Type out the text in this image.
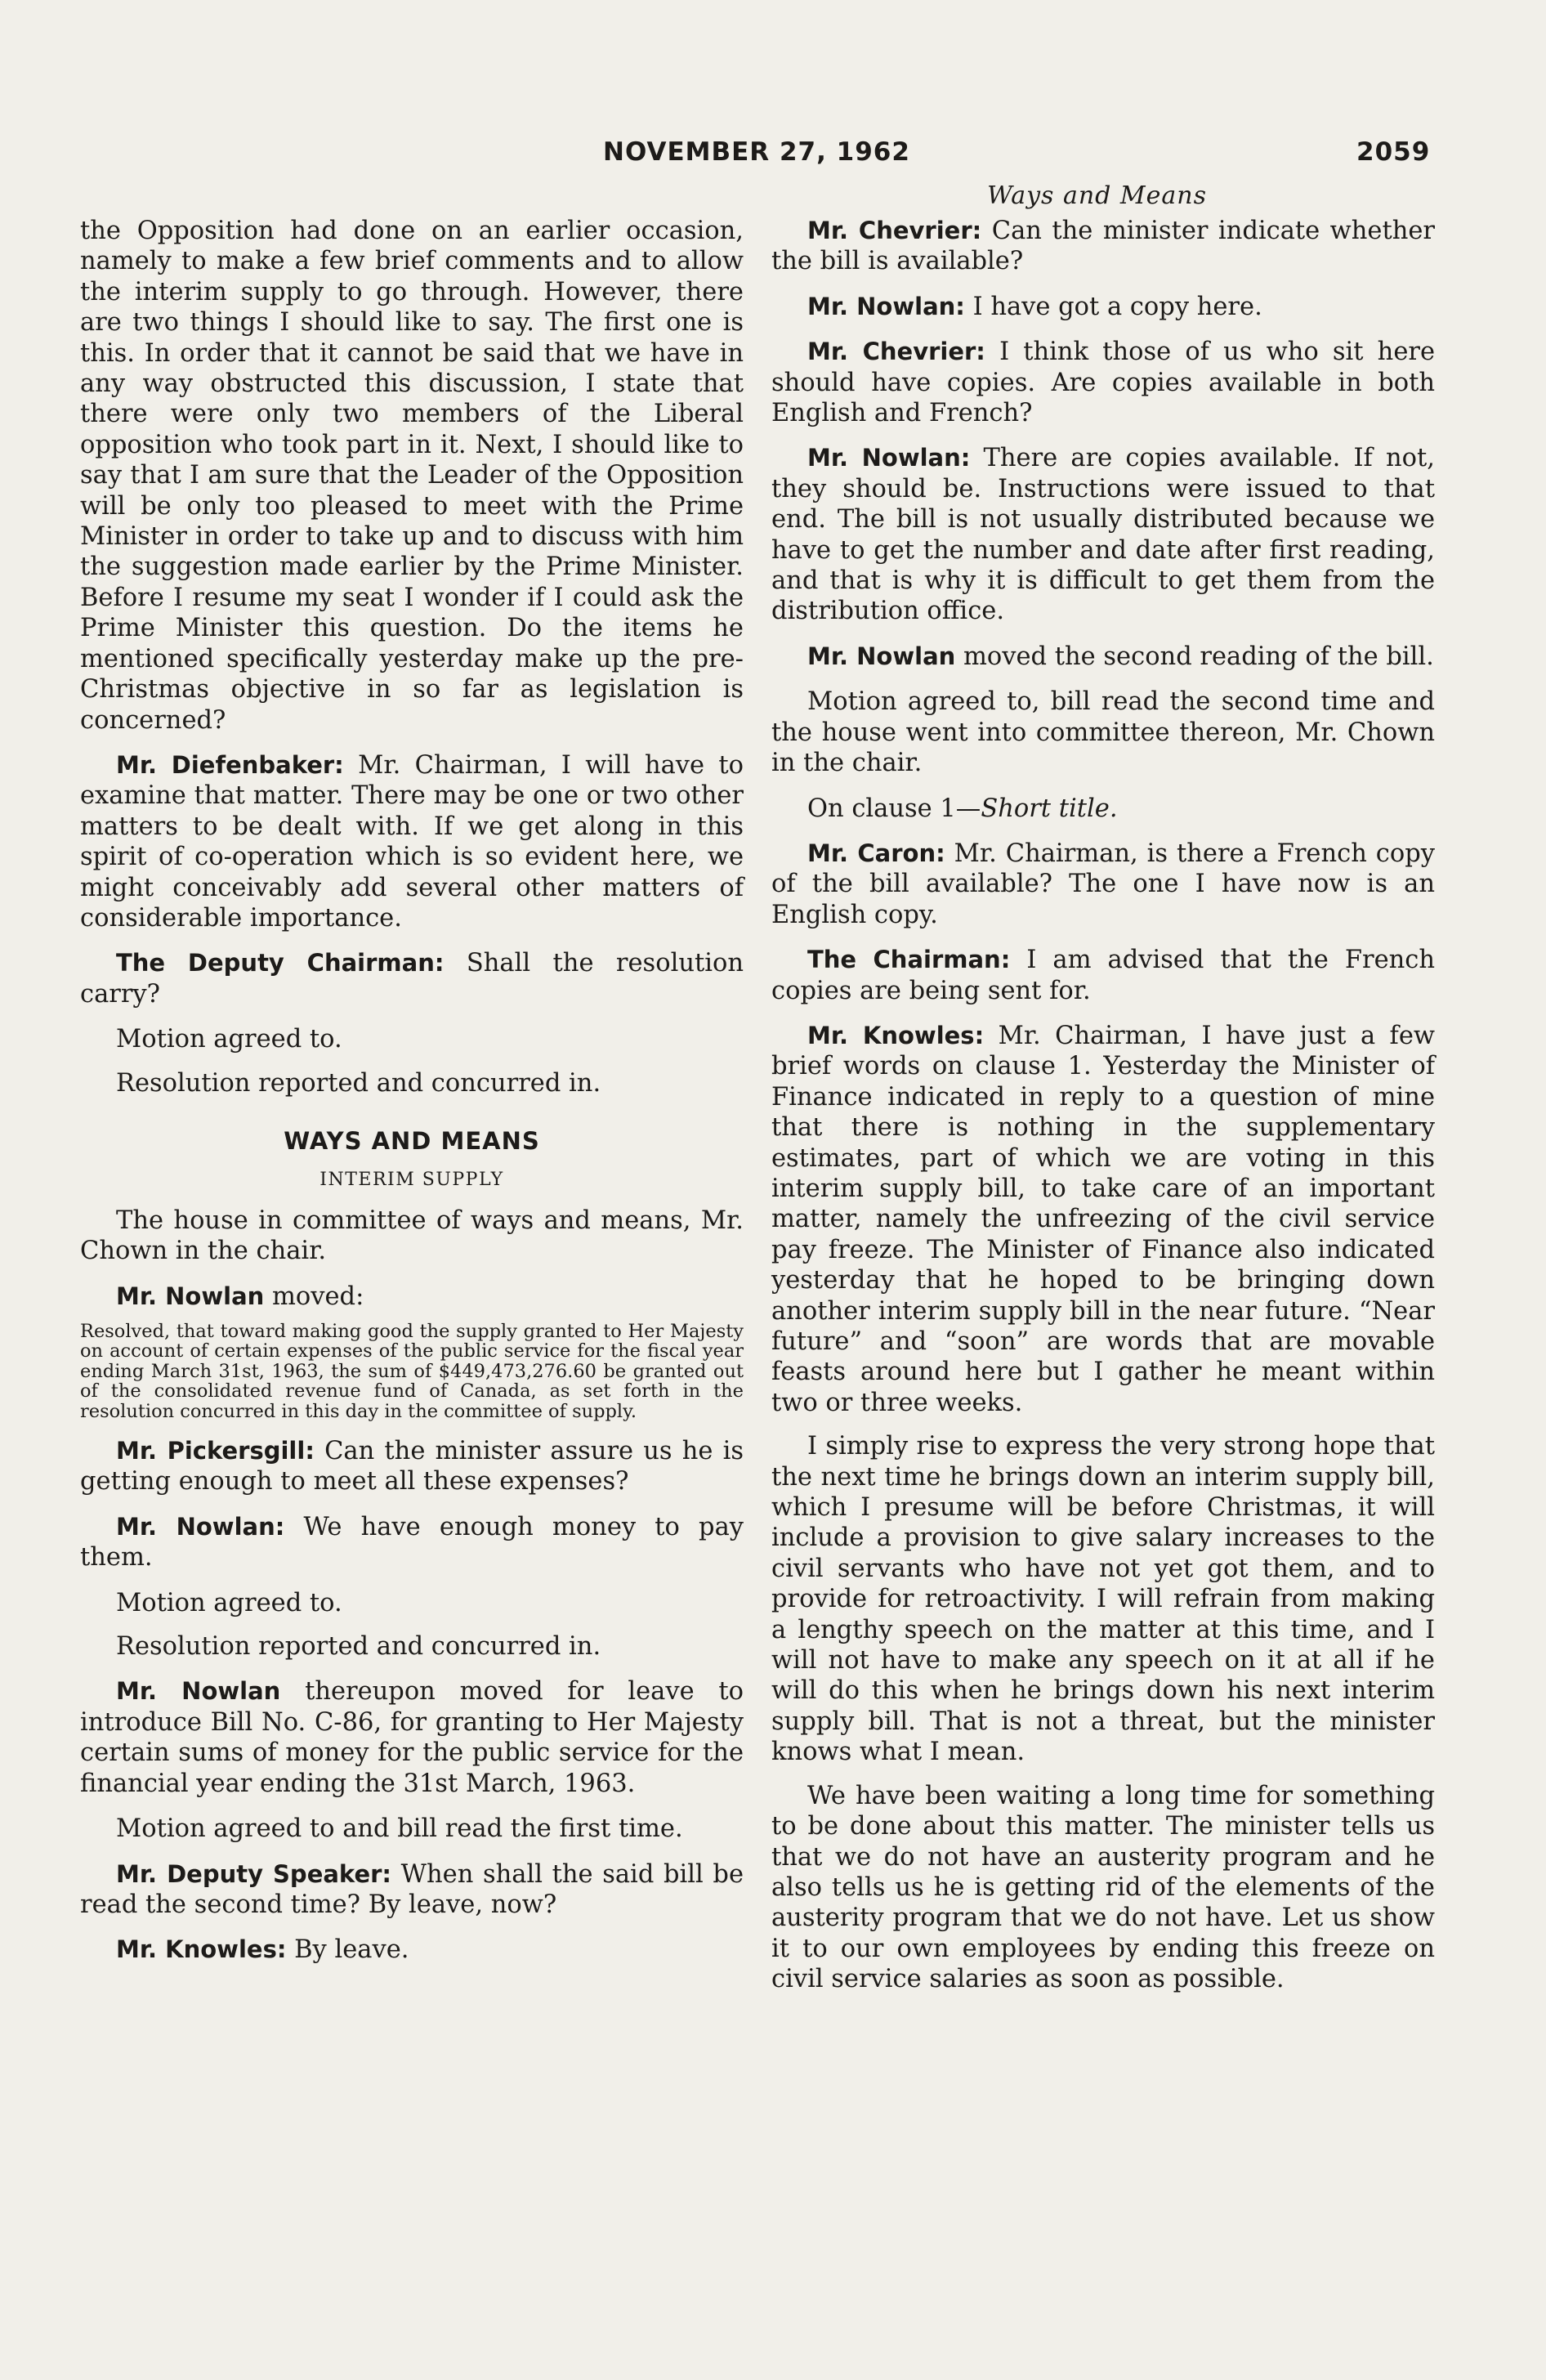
NOVEMBER 27, 1962	2059
Ways and Means

the Opposition had done on an earlier occasion, namely to make a few brief comments and to allow the interim supply to go through. However, there are two things I should like to say. The first one is this. In order that it cannot be said that we have in any way obstructed this discussion, I state that there were only two members of the Liberal opposition who took part in it. Next, I should like to say that I am sure that the Leader of the Opposition will be only too pleased to meet with the Prime Minister in order to take up and to discuss with him the suggestion made earlier by the Prime Minister. Before I resume my seat I wonder if I could ask the Prime Minister this question. Do the items he mentioned specifically yesterday make up the pre-Christmas objective in so far as legislation is concerned?

Mr. Diefenbaker: Mr. Chairman, I will have to examine that matter. There may be one or two other matters to be dealt with. If we get along in this spirit of co-operation which is so evident here, we might conceivably add several other matters of considerable importance.

The Deputy Chairman: Shall the resolution carry?

Motion agreed to.

Resolution reported and concurred in.

WAYS AND MEANS
INTERIM SUPPLY

The house in committee of ways and means, Mr. Chown in the chair.

Mr. Nowlan moved:

Resolved, that toward making good the supply granted to Her Majesty on account of certain expenses of the public service for the fiscal year ending March 31st, 1963, the sum of $449,473,276.60 be granted out of the consolidated revenue fund of Canada, as set forth in the resolution concurred in this day in the committee of supply.

Mr. Pickersgill: Can the minister assure us he is getting enough to meet all these expenses?

Mr. Nowlan: We have enough money to pay them.

Motion agreed to.

Resolution reported and concurred in.

Mr. Nowlan thereupon moved for leave to introduce Bill No. C-86, for granting to Her Majesty certain sums of money for the public service for the financial year ending the 31st March, 1963.

Motion agreed to and bill read the first time.

Mr. Deputy Speaker: When shall the said bill be read the second time? By leave, now?

Mr. Knowles: By leave.

Mr. Chevrier: Can the minister indicate whether the bill is available?

Mr. Nowlan: I have got a copy here.

Mr. Chevrier: I think those of us who sit here should have copies. Are copies available in both English and French?

Mr. Nowlan: There are copies available. If not, they should be. Instructions were issued to that end. The bill is not usually distributed because we have to get the number and date after first reading, and that is why it is difficult to get them from the distribution office.

Mr. Nowlan moved the second reading of the bill.

Motion agreed to, bill read the second time and the house went into committee thereon, Mr. Chown in the chair.

On clause 1—Short title.

Mr. Caron: Mr. Chairman, is there a French copy of the bill available? The one I have now is an English copy.

The Chairman: I am advised that the French copies are being sent for.

Mr. Knowles: Mr. Chairman, I have just a few brief words on clause 1. Yesterday the Minister of Finance indicated in reply to a question of mine that there is nothing in the supplementary estimates, part of which we are voting in this interim supply bill, to take care of an important matter, namely the unfreezing of the civil service pay freeze. The Minister of Finance also indicated yesterday that he hoped to be bringing down another interim supply bill in the near future. “Near future” and “soon” are words that are movable feasts around here but I gather he meant within two or three weeks.

I simply rise to express the very strong hope that the next time he brings down an interim supply bill, which I presume will be before Christmas, it will include a provision to give salary increases to the civil servants who have not yet got them, and to provide for retroactivity. I will refrain from making a lengthy speech on the matter at this time, and I will not have to make any speech on it at all if he will do this when he brings down his next interim supply bill. That is not a threat, but the minister knows what I mean.

We have been waiting a long time for something to be done about this matter. The minister tells us that we do not have an austerity program and he also tells us he is getting rid of the elements of the austerity program that we do not have. Let us show it to our own employees by ending this freeze on civil service salaries as soon as possible.
